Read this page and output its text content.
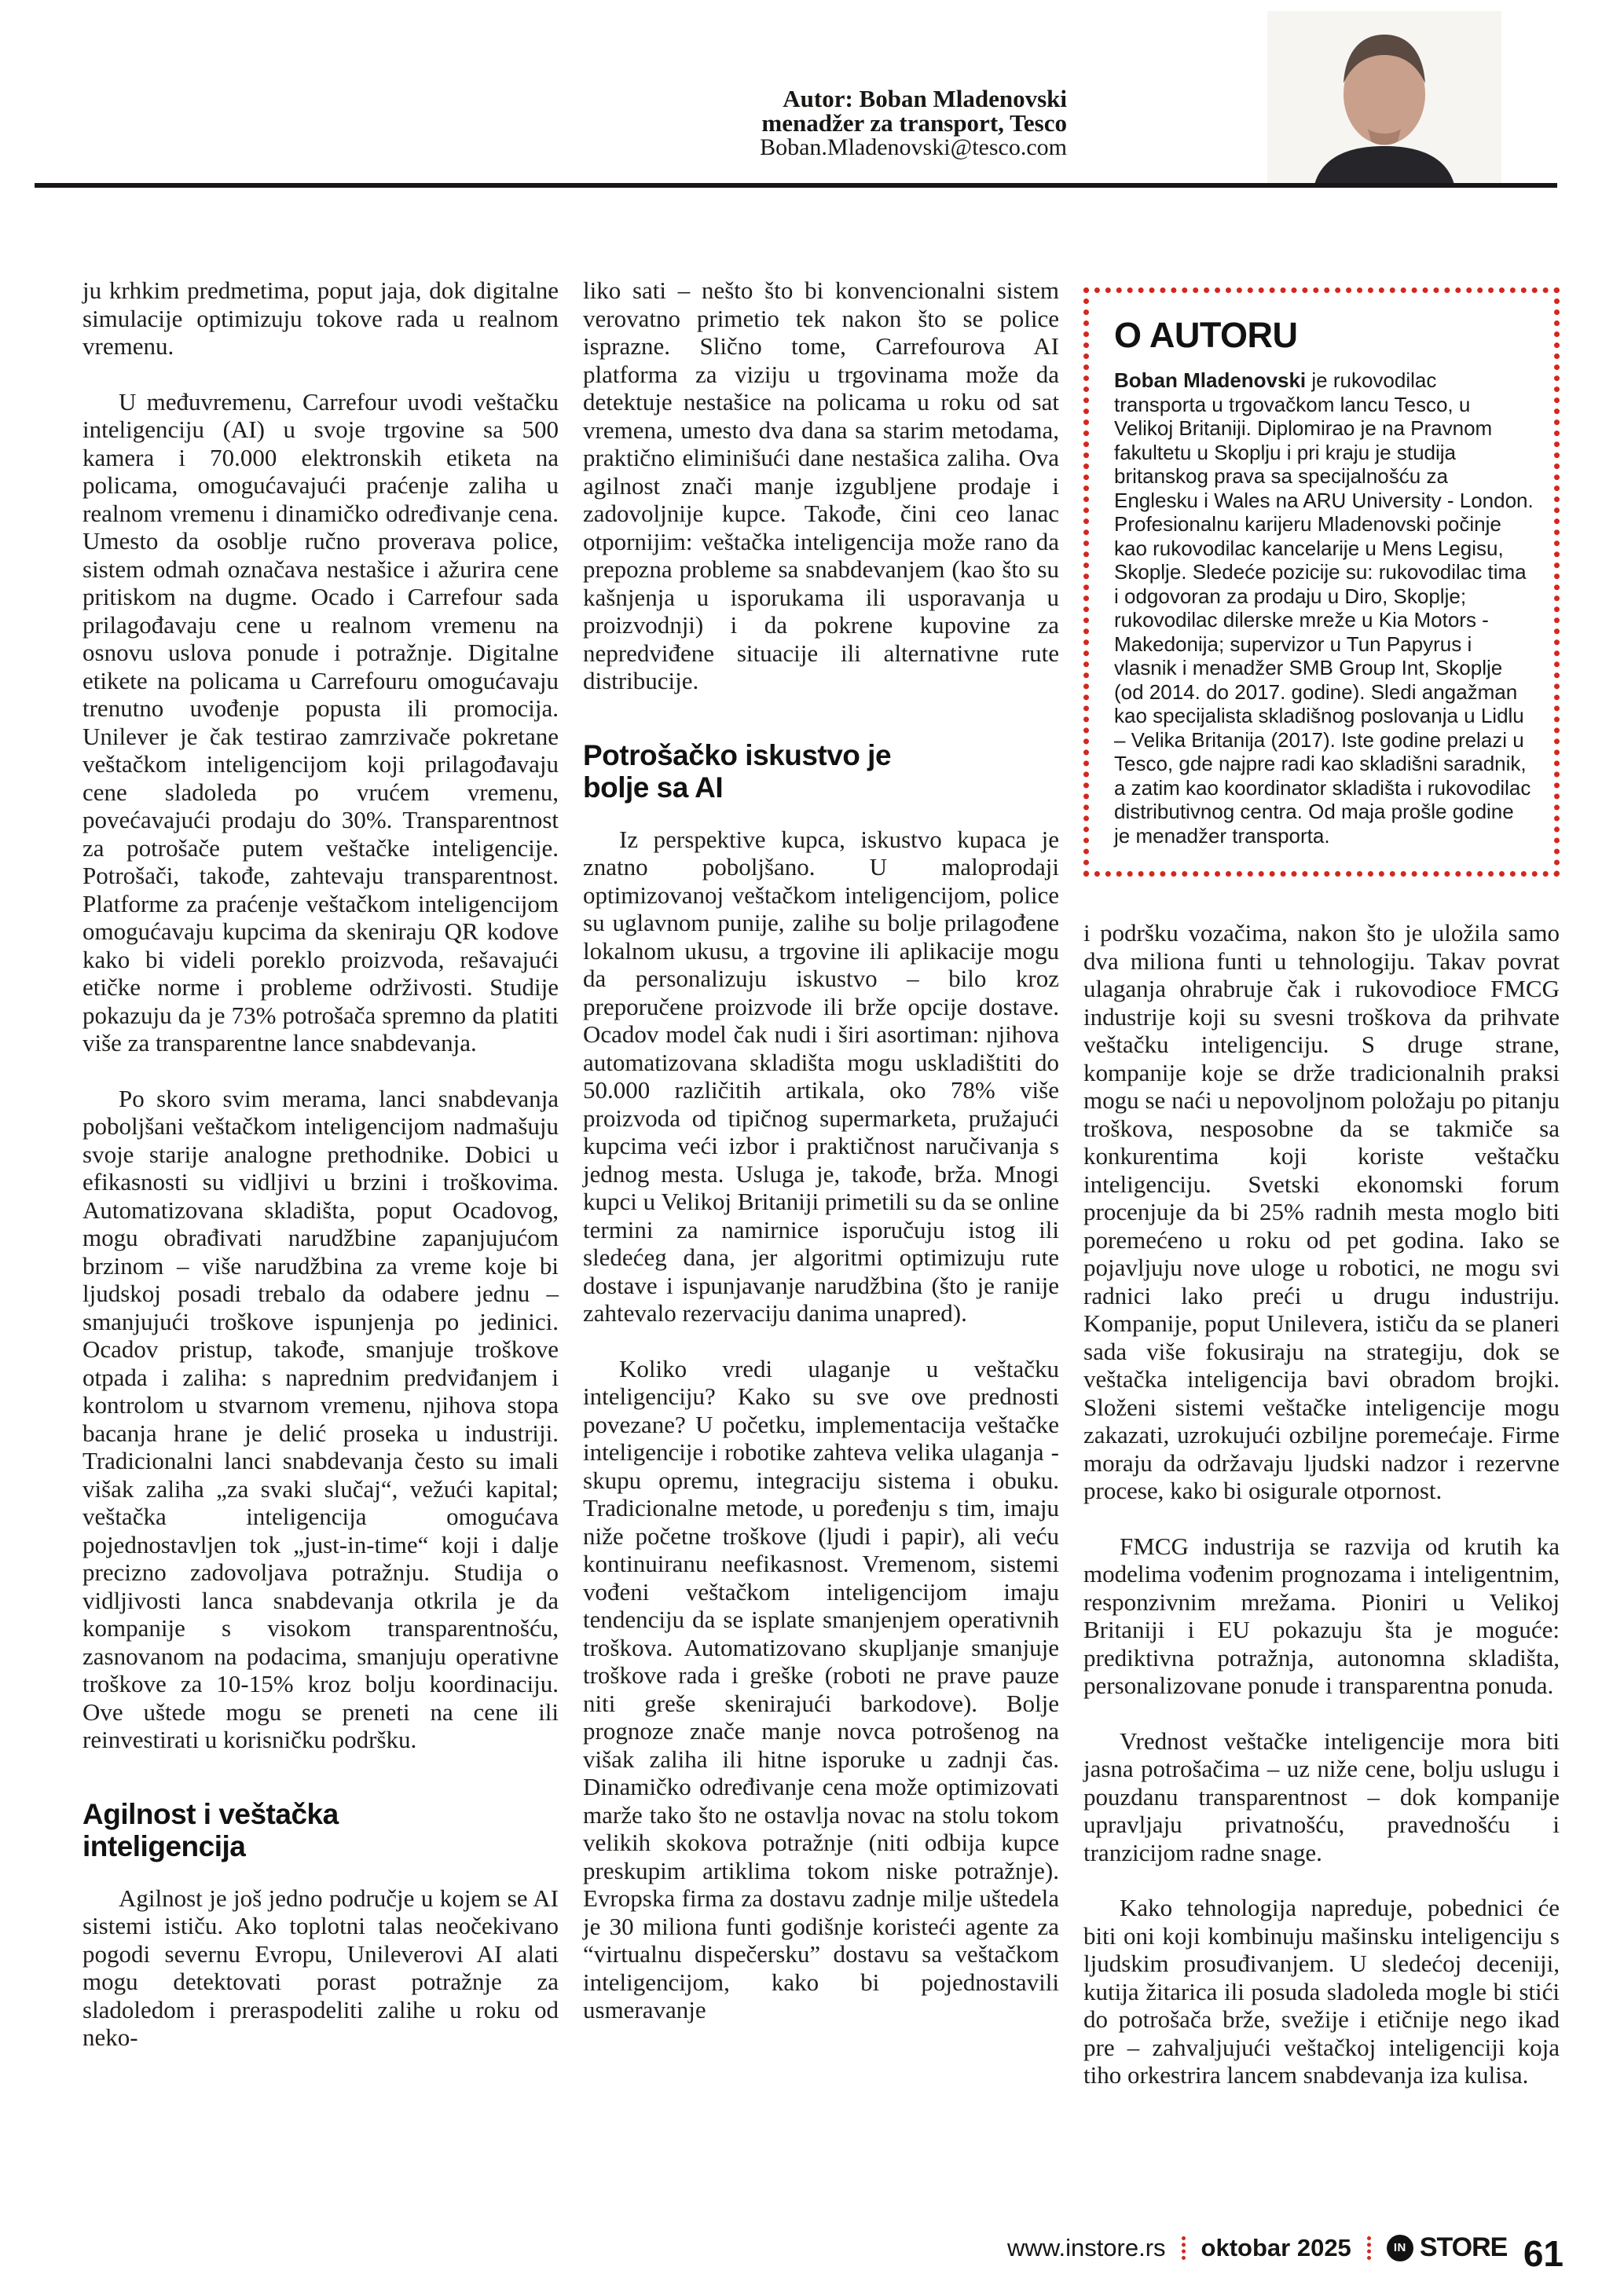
Autor: Boban Mladenovski
menadžer za transport, Tesco
Boban.Mladenovski@tesco.com

ju krhkim predmetima, poput jaja, dok digitalne simulacije optimizuju tokove rada u realnom vremenu.

U međuvremenu, Carrefour uvodi veštačku inteligenciju (AI) u svoje trgovine sa 500 kamera i 70.000 elektronskih etiketa na policama, omogućavajući praćenje zaliha u realnom vremenu i dinamičko određivanje cena. Umesto da osoblje ručno proverava police, sistem odmah označava nestašice i ažurira cene pritiskom na dugme. Ocado i Carrefour sada prilagođavaju cene u realnom vremenu na osnovu uslova ponude i potražnje. Digitalne etikete na policama u Carrefouru omogućavaju trenutno uvođenje popusta ili promocija. Unilever je čak testirao zamrzivače pokretane veštačkom inteligencijom koji prilagođavaju cene sladoleda po vrućem vremenu, povećavajući prodaju do 30%. Transparentnost za potrošače putem veštačke inteligencije. Potrošači, takođe, zahtevaju transparentnost. Platforme za praćenje veštačkom inteligencijom omogućavaju kupcima da skeniraju QR kodove kako bi videli poreklo proizvoda, rešavajući etičke norme i probleme održivosti. Studije pokazuju da je 73% potrošača spremno da platiti više za transparentne lance snabdevanja.

Po skoro svim merama, lanci snabdevanja poboljšani veštačkom inteligencijom nadmašuju svoje starije analogne prethodnike. Dobici u efikasnosti su vidljivi u brzini i troškovima. Automatizovana skladišta, poput Ocadovog, mogu obrađivati narudžbine zapanjujućom brzinom – više narudžbina za vreme koje bi ljudskoj posadi trebalo da odabere jednu – smanjujući troškove ispunjenja po jedinici. Ocadov pristup, takođe, smanjuje troškove otpada i zaliha: s naprednim predviđanjem i kontrolom u stvarnom vremenu, njihova stopa bacanja hrane je delić proseka u industriji. Tradicionalni lanci snabdevanja često su imali višak zaliha „za svaki slučaj“, vežući kapital; veštačka inteligencija omogućava pojednostavljen tok „just-in-time“ koji i dalje precizno zadovoljava potražnju. Studija o vidljivosti lanca snabdevanja otkrila je da kompanije s visokom transparentnošću, zasnovanom na podacima, smanjuju operativne troškove za 10-15% kroz bolju koordinaciju. Ove uštede mogu se preneti na cene ili reinvestirati u korisničku podršku.

Agilnost i veštačka inteligencija

Agilnost je još jedno područje u kojem se AI sistemi ističu. Ako toplotni talas neočekivano pogodi severnu Evropu, Unileverovi AI alati mogu detektovati porast potražnje za sladoledom i preraspodeliti zalihe u roku od neko-

liko sati – nešto što bi konvencionalni sistem verovatno primetio tek nakon što se police isprazne. Slično tome, Carrefourova AI platforma za viziju u trgovinama može da detektuje nestašice na policama u roku od sat vremena, umesto dva dana sa starim metodama, praktično eliminišući dane nestašica zaliha. Ova agilnost znači manje izgubljene prodaje i zadovoljnije kupce. Takođe, čini ceo lanac otpornijim: veštačka inteligencija može rano da prepozna probleme sa snabdevanjem (kao što su kašnjenja u isporukama ili usporavanja u proizvodnji) i da pokrene kupovine za nepredviđene situacije ili alternativne rute distribucije.

Potrošačko iskustvo je bolje sa AI

Iz perspektive kupca, iskustvo kupaca je znatno poboljšano. U maloprodaji optimizovanoj veštačkom inteligencijom, police su uglavnom punije, zalihe su bolje prilagođene lokalnom ukusu, a trgovine ili aplikacije mogu da personalizuju iskustvo – bilo kroz preporučene proizvode ili brže opcije dostave. Ocadov model čak nudi i širi asortiman: njihova automatizovana skladišta mogu uskladištiti do 50.000 različitih artikala, oko 78% više proizvoda od tipičnog supermarketa, pružajući kupcima veći izbor i praktičnost naručivanja s jednog mesta. Usluga je, takođe, brža. Mnogi kupci u Velikoj Britaniji primetili su da se online termini za namirnice isporučuju istog ili sledećeg dana, jer algoritmi optimizuju rute dostave i ispunjavanje narudžbina (što je ranije zahtevalo rezervaciju danima unapred).

Koliko vredi ulaganje u veštačku inteligenciju? Kako su sve ove prednosti povezane? U početku, implementacija veštačke inteligencije i robotike zahteva velika ulaganja - skupu opremu, integraciju sistema i obuku. Tradicionalne metode, u poređenju s tim, imaju niže početne troškove (ljudi i papir), ali veću kontinuiranu neefikasnost. Vremenom, sistemi vođeni veštačkom inteligencijom imaju tendenciju da se isplate smanjenjem operativnih troškova. Automatizovano skupljanje smanjuje troškove rada i greške (roboti ne prave pauze niti greše skenirajući barkodove). Bolje prognoze znače manje novca potrošenog na višak zaliha ili hitne isporuke u zadnji čas. Dinamičko određivanje cena može optimizovati marže tako što ne ostavlja novac na stolu tokom velikih skokova potražnje (niti odbija kupce preskupim artiklima tokom niske potražnje). Evropska firma za dostavu zadnje milje uštedela je 30 miliona funti godišnje koristeći agente za “virtualnu dispečersku” dostavu sa veštačkom inteligencijom, kako bi pojednostavili usmeravanje

O AUTORU

Boban Mladenovski je rukovodilac transporta u trgovačkom lancu Tesco, u Velikoj Britaniji. Diplomirao je na Pravnom fakultetu u Skoplju i pri kraju je studija britanskog prava sa specijalnošću za Englesku i Wales na ARU University - London. Profesionalnu karijeru Mladenovski počinje kao rukovodilac kancelarije u Mens Legisu, Skoplje. Sledeće pozicije su: rukovodilac tima i odgovoran za prodaju u Diro, Skoplje; rukovodilac dilerske mreže u Kia Motors - Makedonija; supervizor u Tun Papyrus i vlasnik i menadžer SMB Group Int, Skoplje (od 2014. do 2017. godine). Sledi angažman kao specijalista skladišnog poslovanja u Lidlu – Velika Britanija (2017). Iste godine prelazi u Tesco, gde najpre radi kao skladišni saradnik, a zatim kao koordinator skladišta i rukovodilac distributivnog centra. Od maja prošle godine je menadžer transporta.

i podršku vozačima, nakon što je uložila samo dva miliona funti u tehnologiju. Takav povrat ulaganja ohrabruje čak i rukovodioce FMCG industrije koji su svesni troškova da prihvate veštačku inteligenciju. S druge strane, kompanije koje se drže tradicionalnih praksi mogu se naći u nepovoljnom položaju po pitanju troškova, nesposobne da se takmiče sa konkurentima koji koriste veštačku inteligenciju. Svetski ekonomski forum procenjuje da bi 25% radnih mesta moglo biti poremećeno u roku od pet godina. Iako se pojavljuju nove uloge u robotici, ne mogu svi radnici lako preći u drugu industriju. Kompanije, poput Unilevera, ističu da se planeri sada više fokusiraju na strategiju, dok se veštačka inteligencija bavi obradom brojki. Složeni sistemi veštačke inteligencije mogu zakazati, uzrokujući ozbiljne poremećaje. Firme moraju da održavaju ljudski nadzor i rezervne procese, kako bi osigurale otpornost.

FMCG industrija se razvija od krutih ka modelima vođenim prognozama i inteligentnim, responzivnim mrežama. Pioniri u Velikoj Britaniji i EU pokazuju šta je moguće: prediktivna potražnja, autonomna skladišta, personalizovane ponude i transparentna ponuda.

Vrednost veštačke inteligencije mora biti jasna potrošačima – uz niže cene, bolju uslugu i pouzdanu transparentnost – dok kompanije upravljaju privatnošću, pravednošću i tranzicijom radne snage.

Kako tehnologija napreduje, pobednici će biti oni koji kombinuju mašinsku inteligenciju s ljudskim prosuđivanjem. U sledećoj deceniji, kutija žitarica ili posuda sladoleda mogle bi stići do potrošača brže, svežije i etičnije nego ikad pre – zahvaljujući veštačkoj inteligenciji koja tiho orkestrira lancem snabdevanja iza kulisa.

www.instore.rs oktobar 2025	IN STORE 61
